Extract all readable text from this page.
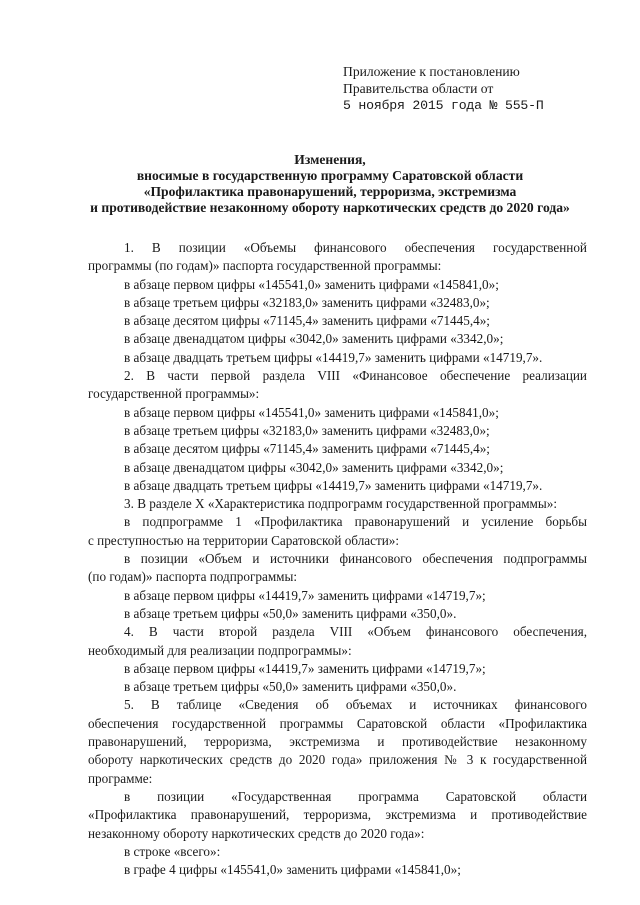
Приложение к постановлению
Правительства области от
5 ноября 2015 года № 555-П
Изменения,
вносимые в государственную программу Саратовской области
«Профилактика правонарушений, терроризма, экстремизма
и противодействие незаконному обороту наркотических средств до 2020 года»

1. В позиции «Объемы финансового обеспечения государственной

программы (по годам)» паспорта государственной программы:

в абзаце первом цифры «145541,0» заменить цифрами «145841,0»;

в абзаце третьем цифры «32183,0» заменить цифрами «32483,0»;

в абзаце десятом цифры «71145,4» заменить цифрами «71445,4»;

в абзаце двенадцатом цифры «3042,0» заменить цифрами «3342,0»;

в абзаце двадцать третьем цифры «14419,7» заменить цифрами «14719,7».

2. В части первой раздела VIII «Финансовое обеспечение реализации

государственной программы»:

в абзаце первом цифры «145541,0» заменить цифрами «145841,0»;

в абзаце третьем цифры «32183,0» заменить цифрами «32483,0»;

в абзаце десятом цифры «71145,4» заменить цифрами «71445,4»;

в абзаце двенадцатом цифры «3042,0» заменить цифрами «3342,0»;

в абзаце двадцать третьем цифры «14419,7» заменить цифрами «14719,7».

3. В разделе X «Характеристика подпрограмм государственной программы»:

в подпрограмме 1 «Профилактика правонарушений и усиление борьбы

с преступностью на территории Саратовской области»:

в позиции «Объем и источники финансового обеспечения подпрограммы

(по годам)» паспорта подпрограммы:

в абзаце первом цифры «14419,7» заменить цифрами «14719,7»;

в абзаце третьем цифры «50,0» заменить цифрами «350,0».

4. В части второй раздела VIII «Объем финансового обеспечения,

необходимый для реализации подпрограммы»:

в абзаце первом цифры «14419,7» заменить цифрами «14719,7»;

в абзаце третьем цифры «50,0» заменить цифрами «350,0».

5. В таблице «Сведения об объемах и источниках финансового

обеспечения государственной программы Саратовской области «Профилактика

правонарушений, терроризма, экстремизма и противодействие незаконному

обороту наркотических средств до 2020 года» приложения № 3 к государственной

программе:

в позиции «Государственная программа Саратовской области

«Профилактика правонарушений, терроризма, экстремизма и противодействие

незаконному обороту наркотических средств до 2020 года»:

в строке «всего»:

в графе 4 цифры «145541,0» заменить цифрами «145841,0»;
